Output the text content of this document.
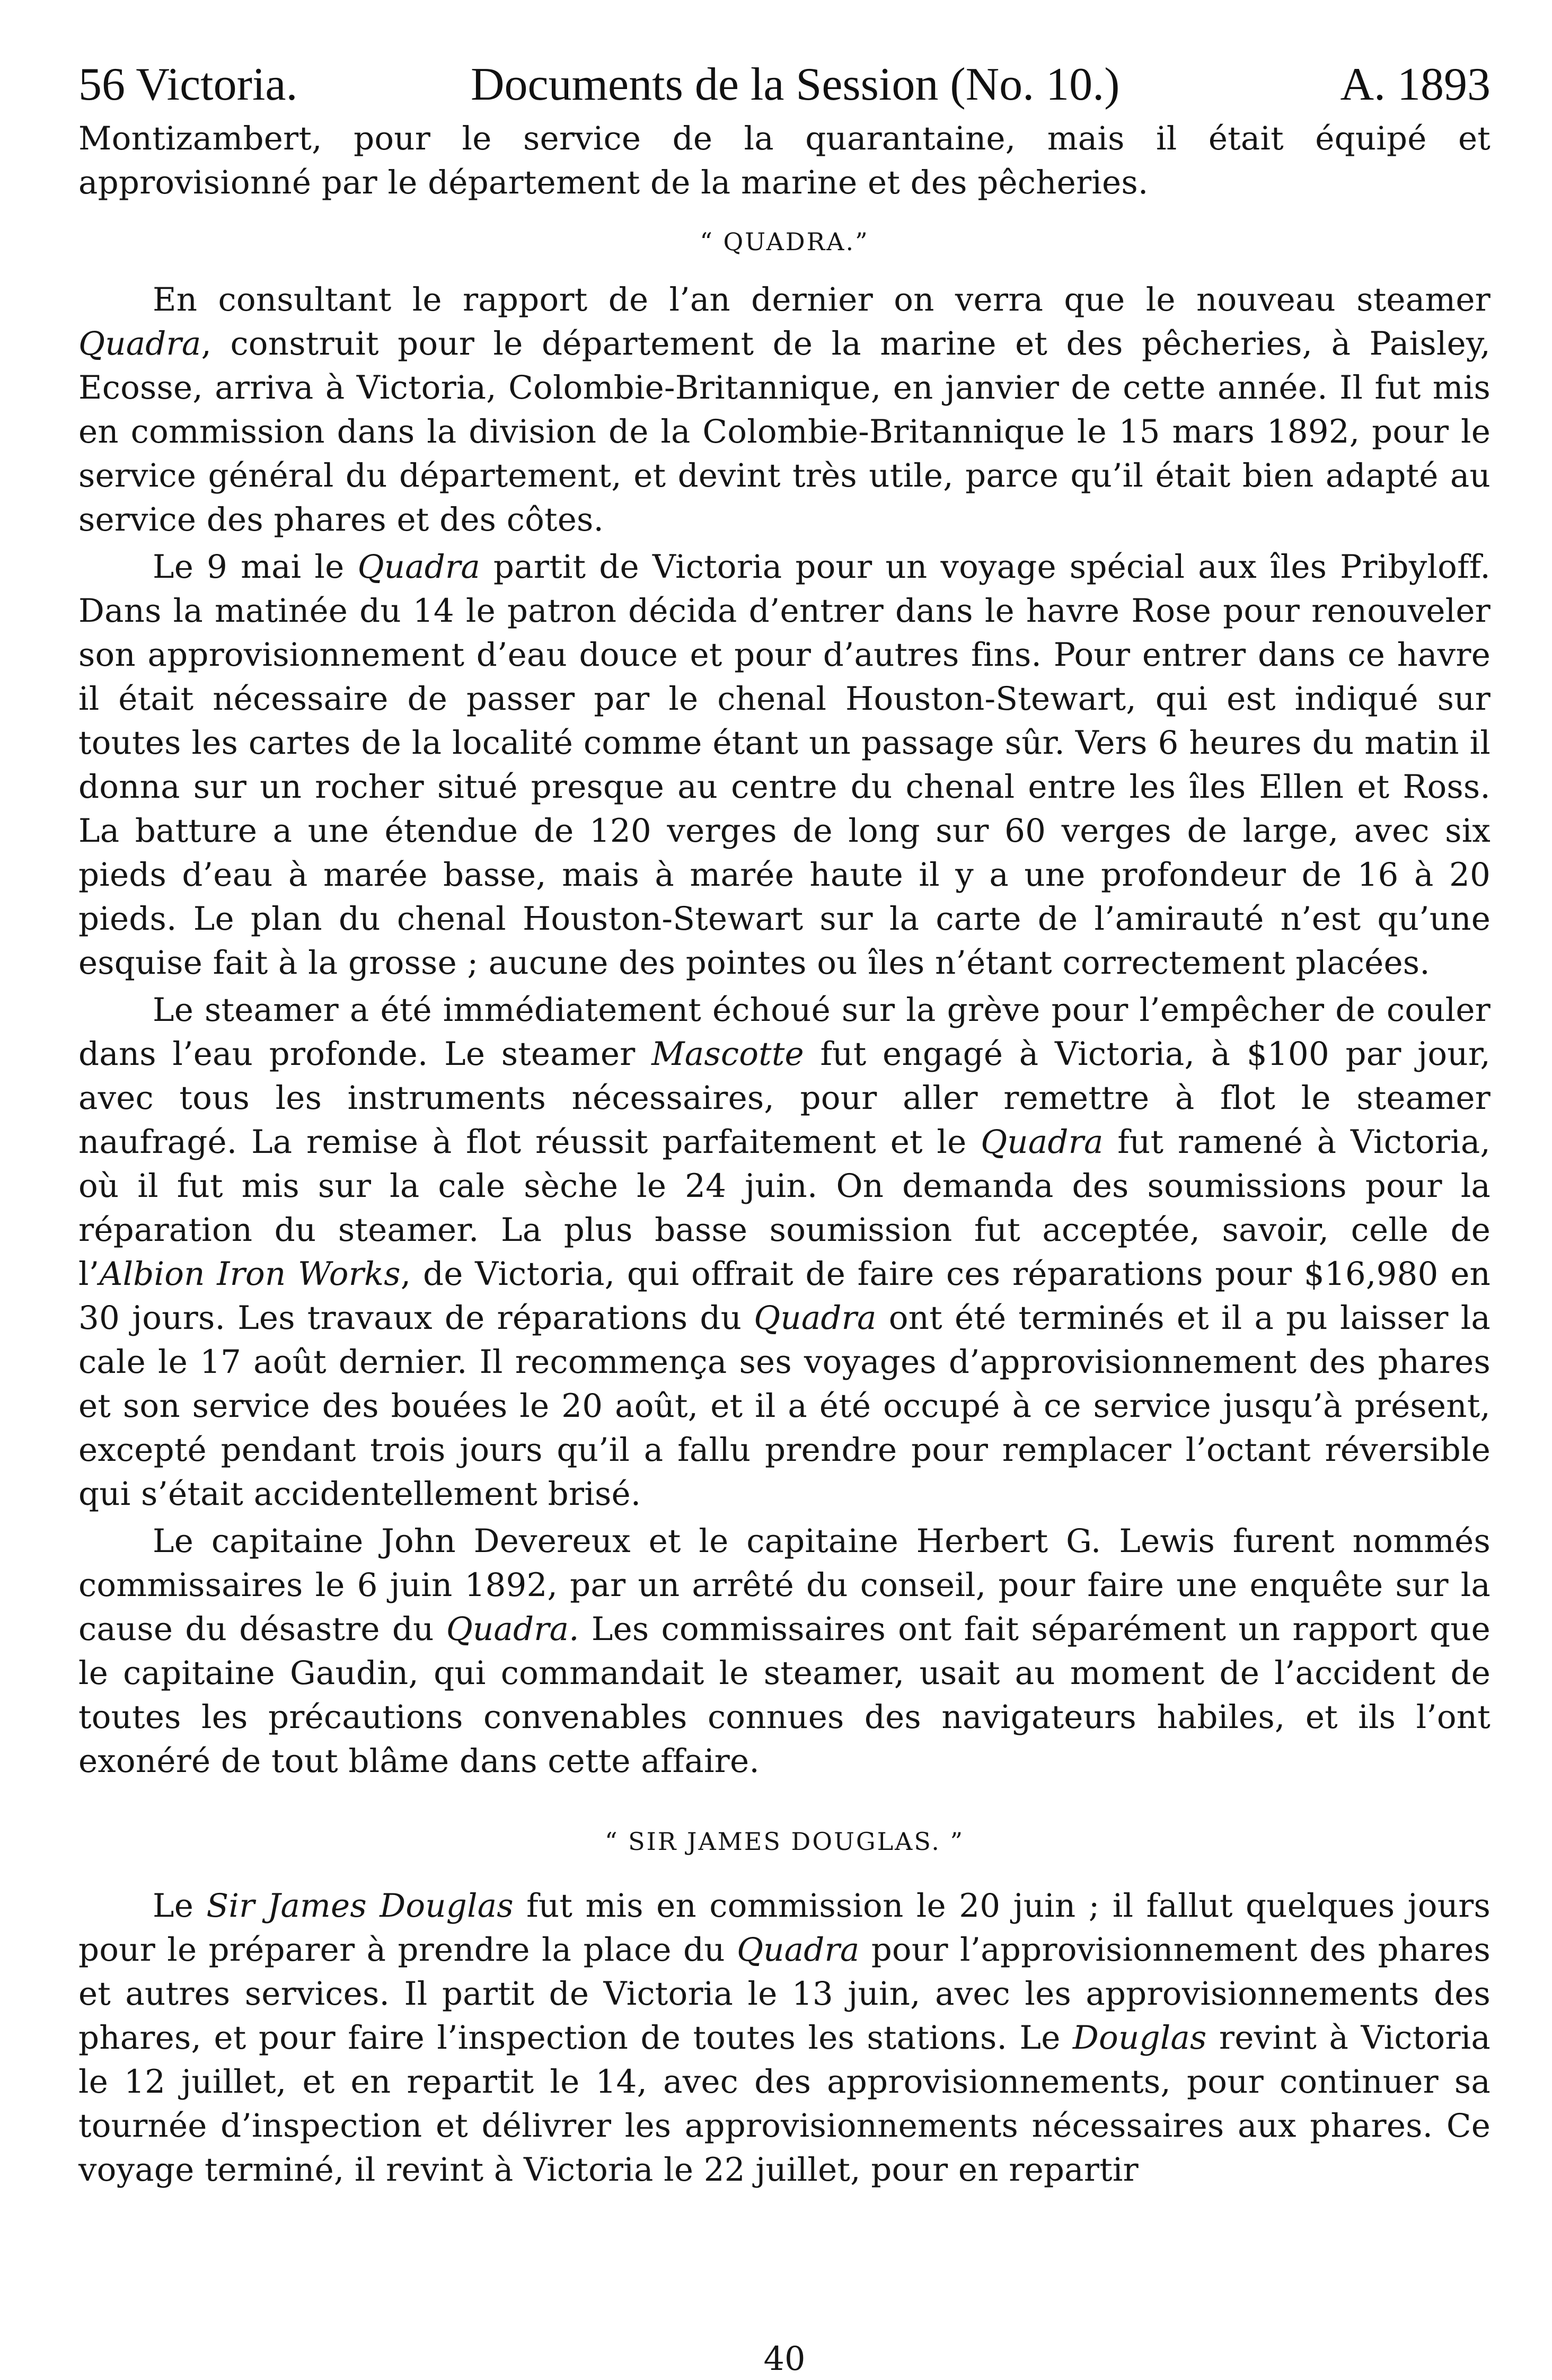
56 Victoria.	Documents de la Session (No. 10.)	A. 1893

Montizambert, pour le service de la quarantaine, mais il était équipé et approvisionné par le département de la marine et des pêcheries.

“ QUADRA.”

En consultant le rapport de l’an dernier on verra que le nouveau steamer Quadra, construit pour le département de la marine et des pêcheries, à Paisley, Ecosse, arriva à Victoria, Colombie-Britannique, en janvier de cette année. Il fut mis en commission dans la division de la Colombie-Britannique le 15 mars 1892, pour le service général du département, et devint très utile, parce qu’il était bien adapté au service des phares et des côtes.

Le 9 mai le Quadra partit de Victoria pour un voyage spécial aux îles Pribyloff. Dans la matinée du 14 le patron décida d’entrer dans le havre Rose pour renouveler son approvisionnement d’eau douce et pour d’autres fins. Pour entrer dans ce havre il était nécessaire de passer par le chenal Houston-Stewart, qui est indiqué sur toutes les cartes de la localité comme étant un passage sûr. Vers 6 heures du matin il donna sur un rocher situé presque au centre du chenal entre les îles Ellen et Ross. La batture a une étendue de 120 verges de long sur 60 verges de large, avec six pieds d’eau à marée basse, mais à marée haute il y a une profondeur de 16 à 20 pieds. Le plan du chenal Houston-Stewart sur la carte de l’amirauté n’est qu’une esquise fait à la grosse ; aucune des pointes ou îles n’étant correctement placées.

Le steamer a été immédiatement échoué sur la grève pour l’empêcher de couler dans l’eau profonde. Le steamer Mascotte fut engagé à Victoria, à $100 par jour, avec tous les instruments nécessaires, pour aller remettre à flot le steamer naufragé. La remise à flot réussit parfaitement et le Quadra fut ramené à Victoria, où il fut mis sur la cale sèche le 24 juin. On demanda des soumissions pour la réparation du steamer. La plus basse soumission fut acceptée, savoir, celle de l’Albion Iron Works, de Victoria, qui offrait de faire ces réparations pour $16,980 en 30 jours. Les travaux de réparations du Quadra ont été terminés et il a pu laisser la cale le 17 août dernier. Il recommença ses voyages d’approvisionnement des phares et son service des bouées le 20 août, et il a été occupé à ce service jusqu’à présent, excepté pendant trois jours qu’il a fallu prendre pour remplacer l’octant réversible qui s’était accidentellement brisé.

Le capitaine John Devereux et le capitaine Herbert G. Lewis furent nommés commissaires le 6 juin 1892, par un arrêté du conseil, pour faire une enquête sur la cause du désastre du Quadra. Les commissaires ont fait séparément un rapport que le capitaine Gaudin, qui commandait le steamer, usait au moment de l’accident de toutes les précautions convenables connues des navigateurs habiles, et ils l’ont exonéré de tout blâme dans cette affaire.

“ SIR JAMES DOUGLAS. ”

Le Sir James Douglas fut mis en commission le 20 juin ; il fallut quelques jours pour le préparer à prendre la place du Quadra pour l’approvisionnement des phares et autres services. Il partit de Victoria le 13 juin, avec les approvisionnements des phares, et pour faire l’inspection de toutes les stations. Le Douglas revint à Victoria le 12 juillet, et en repartit le 14, avec des approvisionnements, pour continuer sa tournée d’inspection et délivrer les approvisionnements nécessaires aux phares. Ce voyage terminé, il revint à Victoria le 22 juillet, pour en repartir

40
